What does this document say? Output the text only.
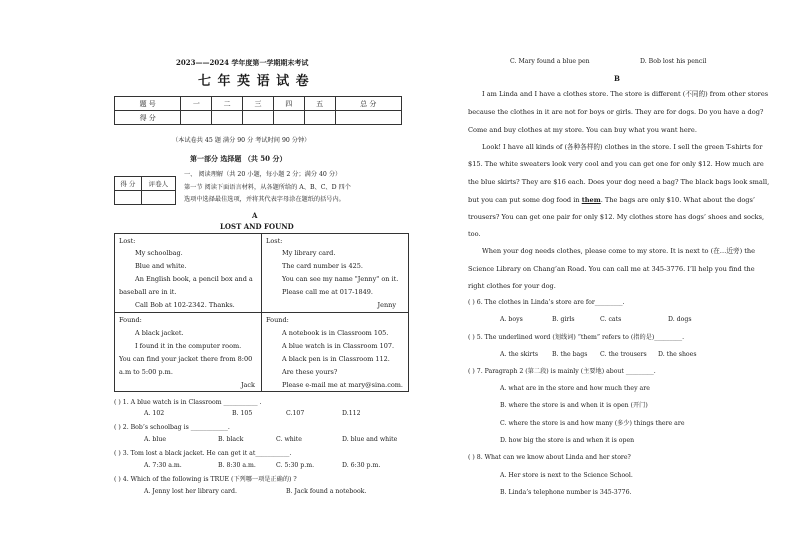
2023——2024 学年度第一学期期末考试
七 年 英 语 试 卷
题 号	一	二	三	四	五	总 分
得 分						
（本试卷共 45 题 满分 90 分 考试时间 90 分钟）
第一部分 选择题 （共 50 分）
得 分	评卷人

一、 阅读理解（共 20 小题，每小题 2 分；满分 40 分）
第一节 阅读下面语言材料，从各题所给的 A、B、C、D 四个
选项中选择最佳选项，并将其代表字母涂在题纸的括号内。
A
LOST AND FOUND
Lost:
My schoolbag.
Blue and white.
An English book, a pencil box and a
baseball are in it.
Call Bob at 102-2342. Thanks.
Lost:
My library card.
The card number is 425.
You can see my name "Jenny" on it.
Please call me at 017-1849.
Jenny
Found:
A black jacket.
I found it in the computer room.
You can find your jacket there from 8:00
a.m to 5:00 p.m.
Jack
Found:
A notebook is in Classroom 105.
A blue watch is in Classroom 107.
A black pen is in Classroom 112.
Are these yours?
Please e-mail me at mary@sina.com.
( ) 1. A blue watch is in Classroom ___________ .
A. 102	B. 105	C.107	D.112
( ) 2. Bob’s schoolbag is ____________.
A. blue	B. black	C. white	D. blue and white
( ) 3. Tom lost a black jacket. He can get it at___________.
A. 7:30 a.m.	B. 8:30 a.m.	C. 5:30 p.m.	D. 6:30 p.m.
( ) 4. Which of the following is TRUE (下列哪一项是正确的) ?
A. Jenny lost her library card.	B. Jack found a notebook.
C. Mary found a blue pen	D. Bob lost his pencil
B
I am Linda and I have a clothes store. The store is different (不同的) from other stores
because the clothes in it are not for boys or girls. They are for dogs. Do you have a dog?
Come and buy clothes at my store. You can buy what you want here.
Look! I have all kinds of (各种各样的) clothes in the store. I sell the green T-shirts for
$15. The white sweaters look very cool and you can get one for only $12. How much are
the blue skirts? They are $16 each. Does your dog need a bag? The black bags look small,
but you can put some dog food in them. The bags are only $10. What about the dogs’
trousers? You can get one pair for only $12. My clothes store has dogs’ shoes and socks,
too.
When your dog needs clothes, please come to my store. It is next to (在…近旁) the
Science Library on Chang’an Road. You can call me at 345-3776. I’ll help you find the
right clothes for your dog.
( ) 6. The clothes in Linda’s store are for_________.
A. boys	B. girls	C. cats	D. dogs
( ) 5. The underlined word (划线词) “them” refers to (指的是)_________.
A. the skirts B. the bags C. the trousers D. the shoes
( ) 7. Paragraph 2 (第二段) is mainly (主要地) about _________.
A. what are in the store and how much they are
B. where the store is and when it is open (开门)
C. where the store is and how many (多少) things there are
D. how big the store is and when it is open
( ) 8. What can we know about Linda and her store?
A. Her store is next to the Science School.
B. Linda’s telephone number is 345-3776.
